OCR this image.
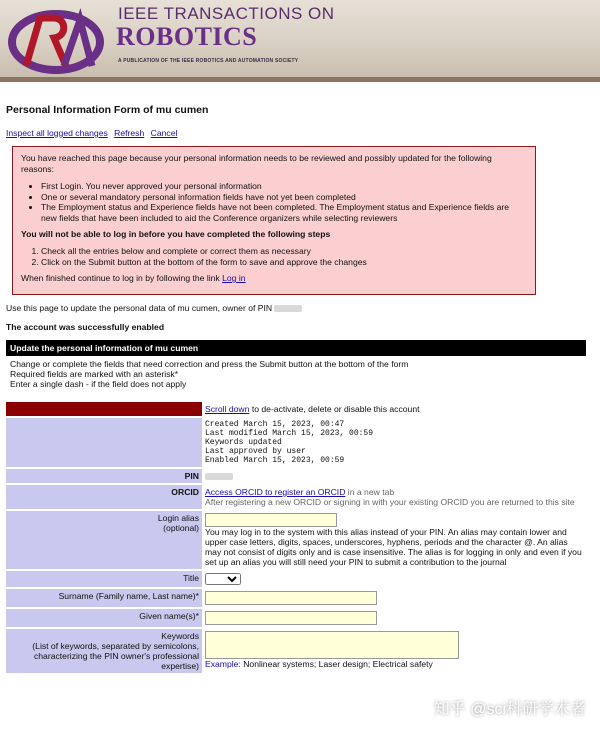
IEEE TRANSACTIONS ON
ROBOTICS
A PUBLICATION OF THE IEEE ROBOTICS AND AUTOMATION SOCIETY
Personal Information Form of mu cumen
Inspect all logged changes Refresh Cancel

You have reached this page because your personal information needs to be reviewed and possibly updated for the following reasons:

• First Login. You never approved your personal information
• One or several mandatory personal information fields have not yet been completed
• The Employment status and Experience fields have not been completed. The Employment status and Experience fields are new fields that have been included to aid the Conference organizers while selecting reviewers

You will not be able to log in before you have completed the following steps

1. Check all the entries below and complete or correct them as necessary
2. Click on the Submit button at the bottom of the form to save and approve the changes

When finished continue to log in by following the link Log in

Use this page to update the personal data of mu cumen, owner of PIN
The account was successfully enabled
Update the personal information of mu cumen
Change or complete the fields that need correction and press the Submit button at the bottom of the form
Required fields are marked with an asterisk*
Enter a single dash - if the field does not apply
	Scroll down to de-activate, delete or disable this account

	Created March 15, 2023, 00:47
Last modified March 15, 2023, 00:59
Keywords updated
Last approved by user
Enabled March 15, 2023, 00:59

PIN	
ORCID	Access ORCID to register an ORCID in a new tab
After registering a new ORCID or signing in with your existing ORCID you are returned to this site

Login alias
(optional)	You may log in to the system with this alias instead of your PIN. An alias may contain lower and upper case letters, digits, spaces, underscores, hyphens, periods and the character @. An alias may not consist of digits only and is case insensitive. The alias is for logging in only and even if you set up an alias you will still need your PIN to submit a contribution to the journal
Title	

Surname (Family name, Last name)*	
Given name(s)*	

Keywords
(List of keywords, separated by semicolons, characterizing the PIN owner's professional expertise)	Example: Nonlinear systems; Laser design; Electrical safety
知乎 @sci科研学术者
